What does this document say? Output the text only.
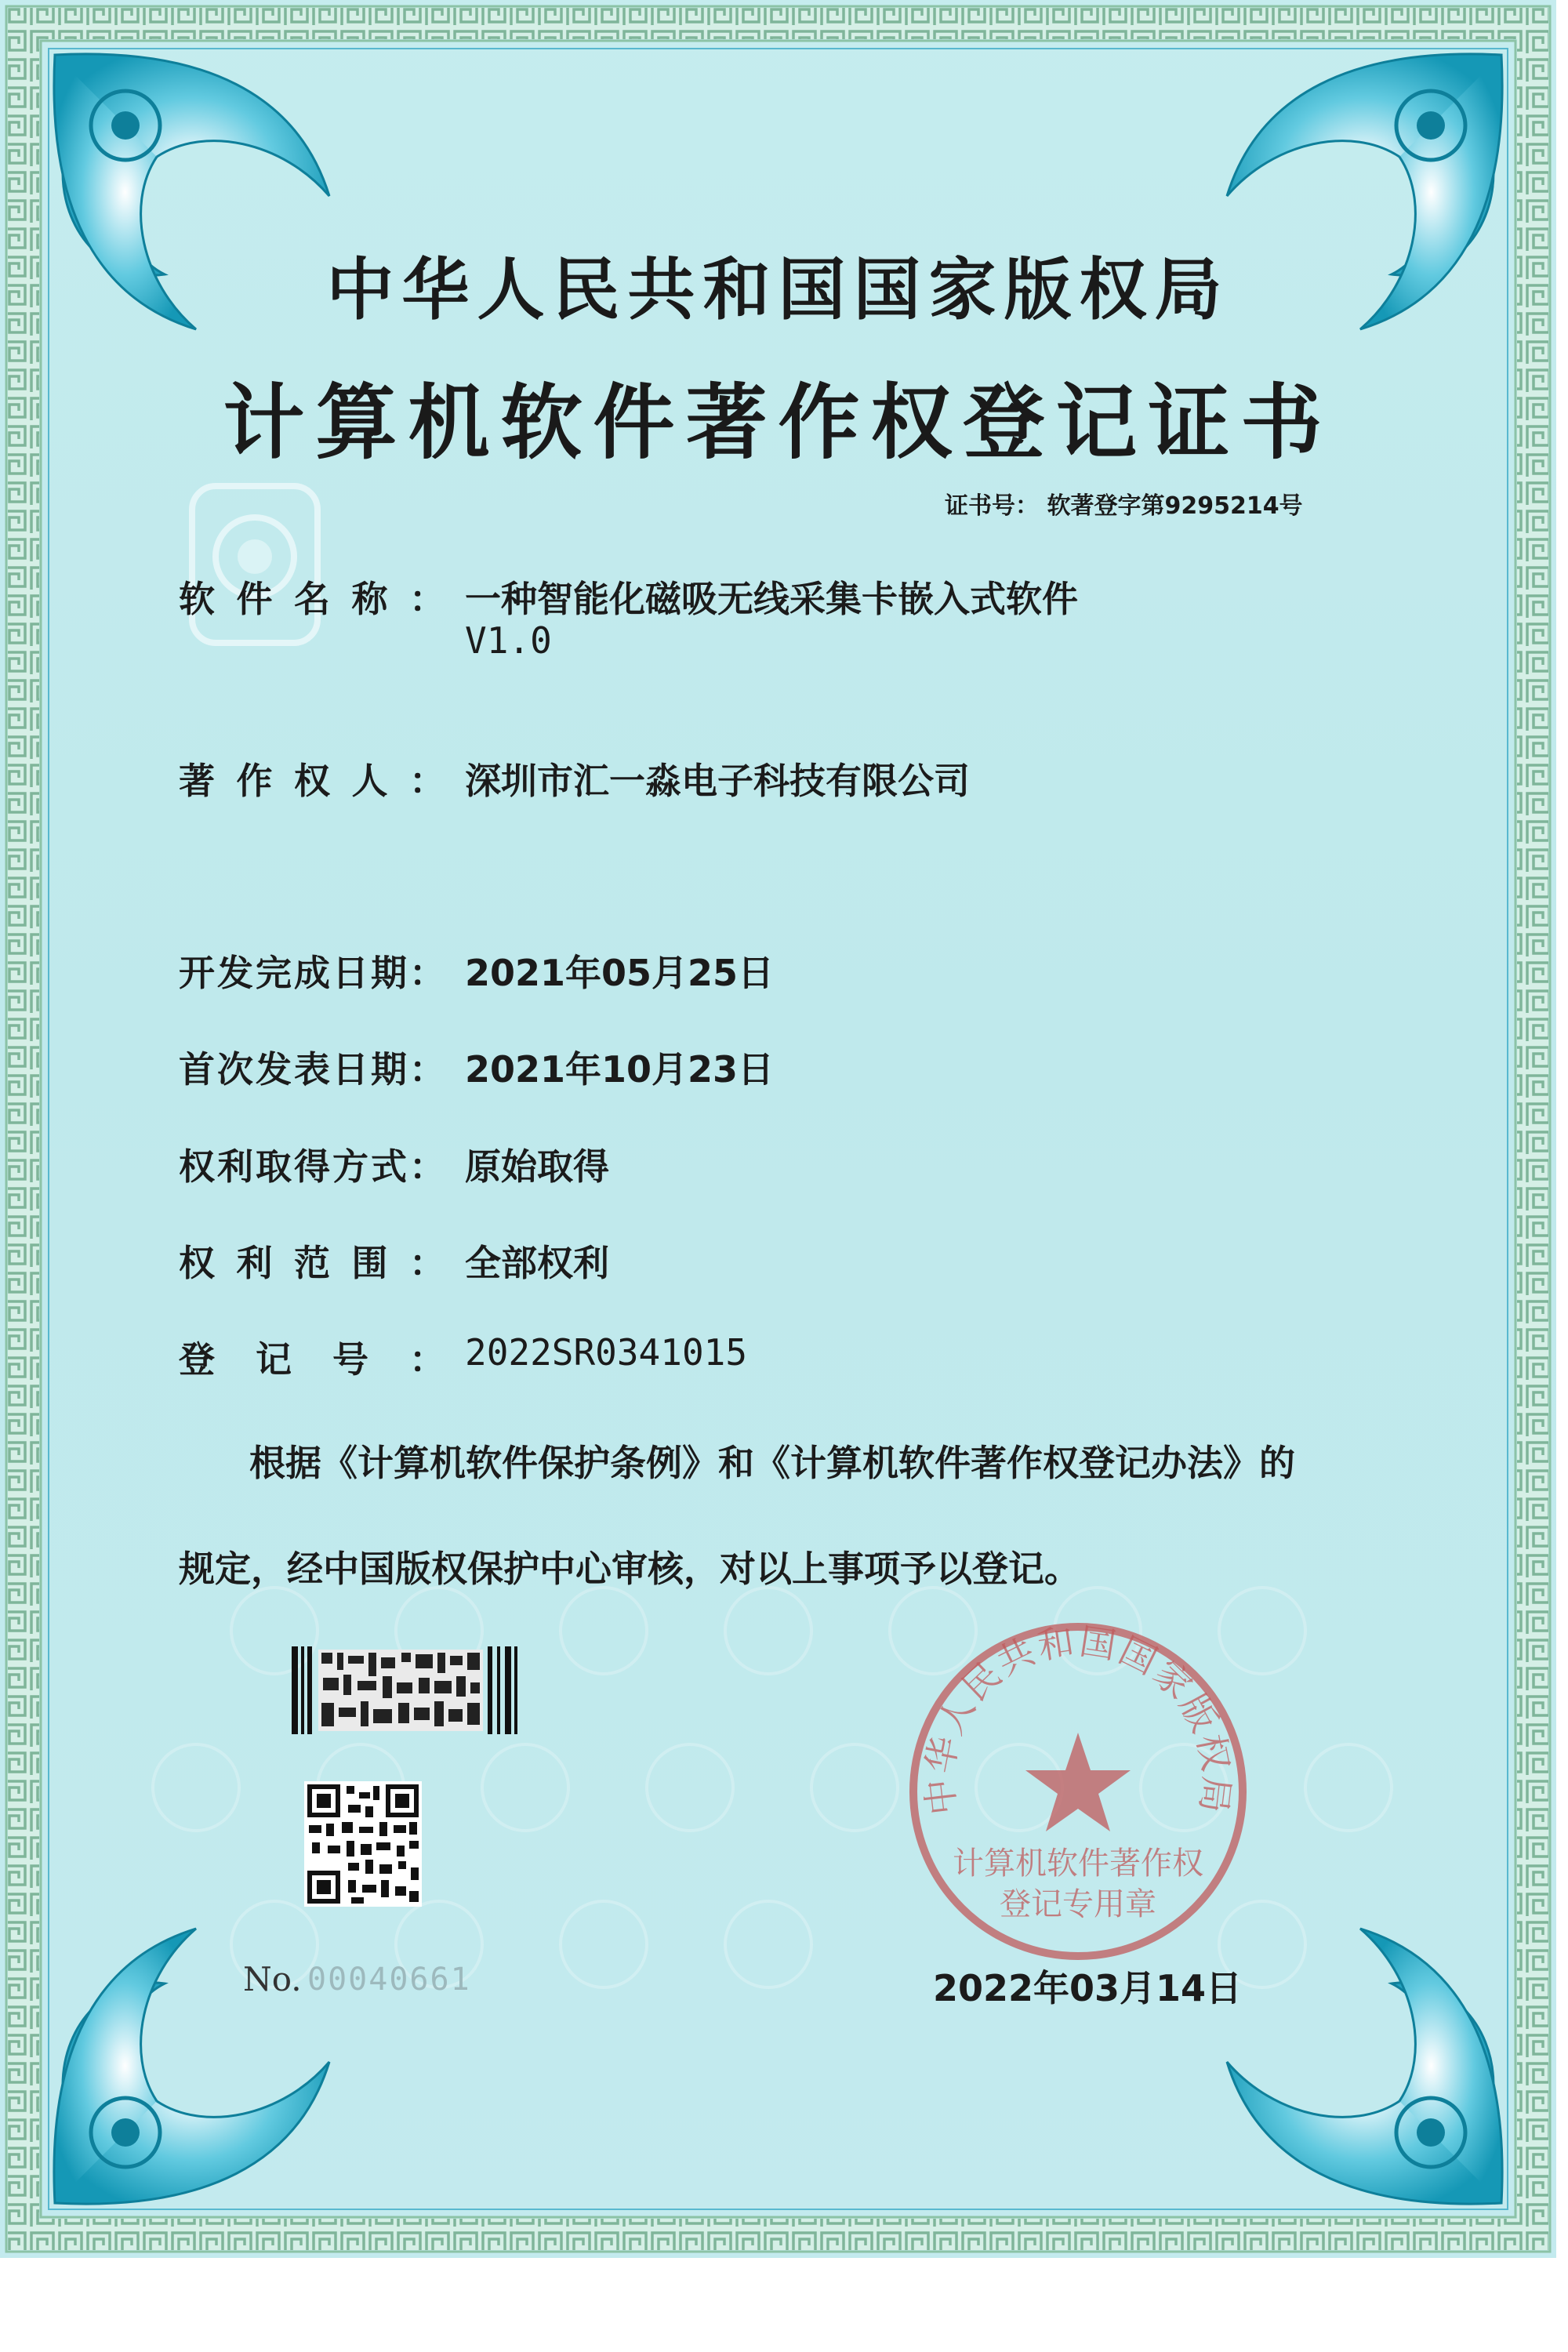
中华人民共和国国家版权局
计算机软件著作权登记证书
证书号： 软著登字第9295214号
软件名称： 一种智能化磁吸无线采集卡嵌入式软件
V1.0
著作权人： 深圳市汇一淼电子科技有限公司
开发完成日期： 2021年05月25日
首次发表日期： 2021年10月23日
权利取得方式： 原始取得
权利范围： 全部权利
登记号： 2022SR0341015
根据《计算机软件保护条例》和《计算机软件著作权登记办法》的
规定，经中国版权保护中心审核，对以上事项予以登记。
中华人民共和国国家版权局
计算机软件著作权
登记专用章
No. 00040661	2022年03月14日
